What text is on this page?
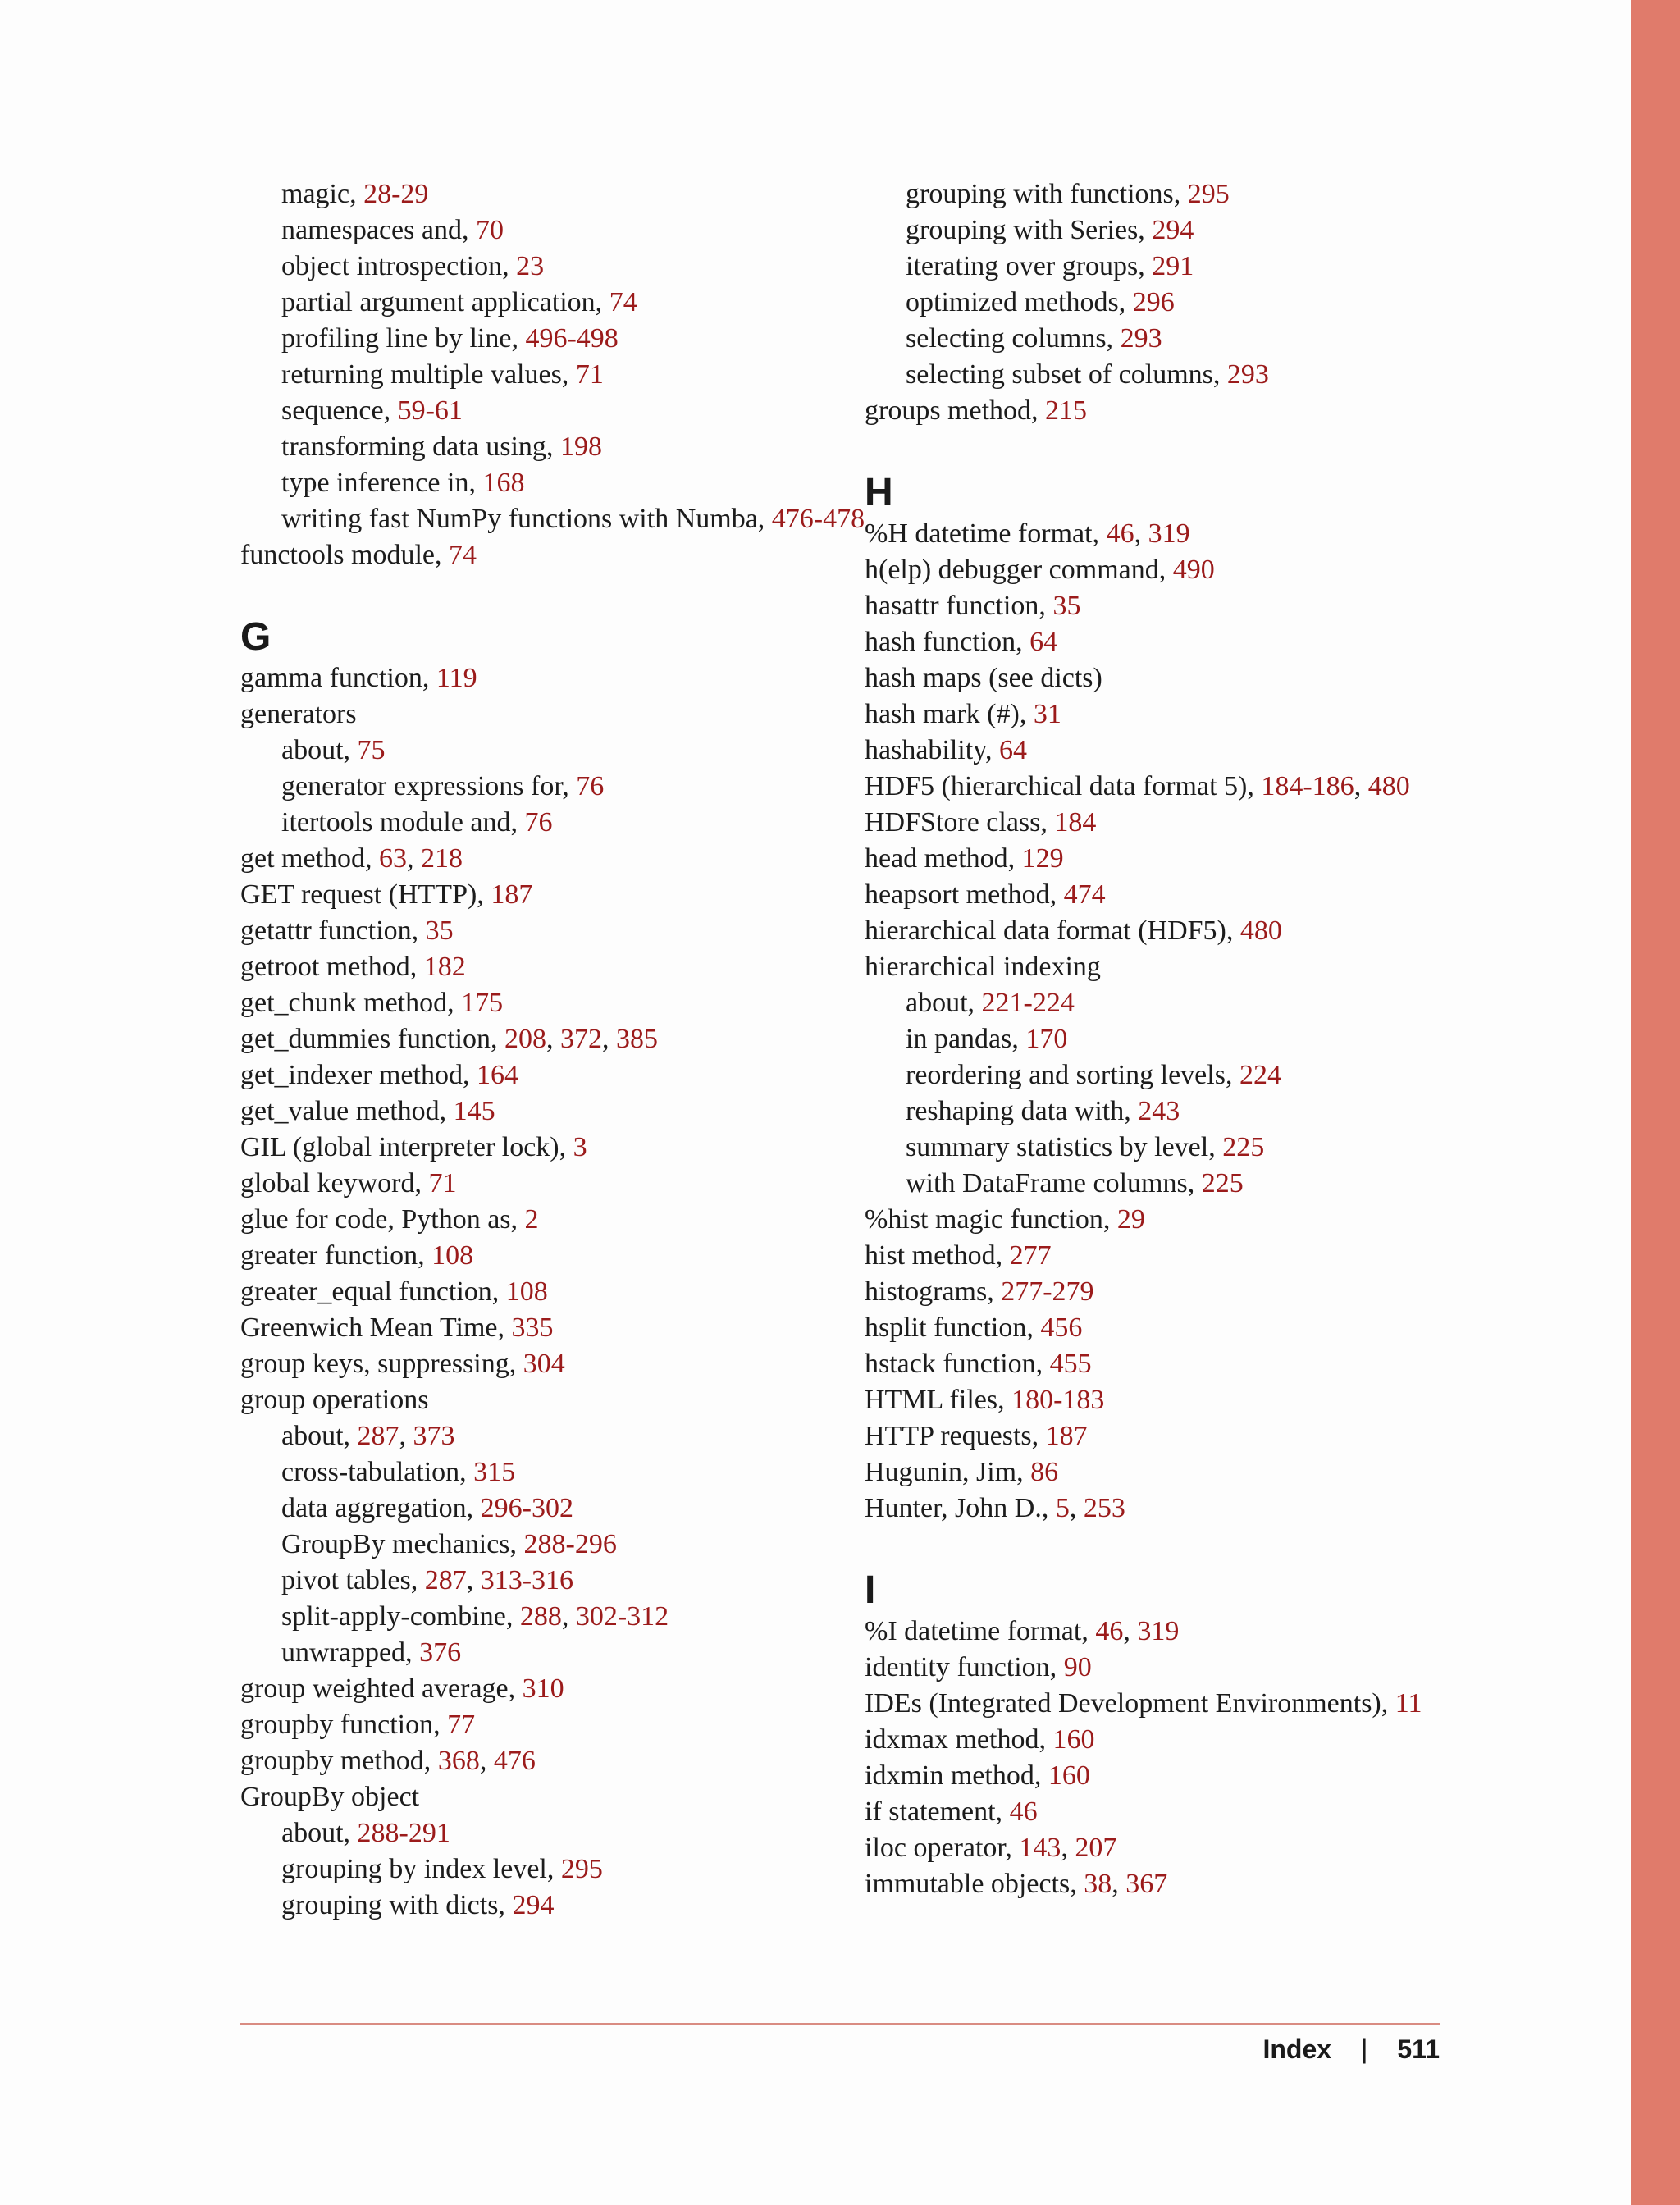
magic, 28-29

namespaces and, 70

object introspection, 23

partial argument application, 74

profiling line by line, 496-498

returning multiple values, 71

sequence, 59-61

transforming data using, 198

type inference in, 168

writing fast NumPy functions with Numba, 476-478

functools module, 74

G

gamma function, 119

generators

about, 75

generator expressions for, 76

itertools module and, 76

get method, 63, 218

GET request (HTTP), 187

getattr function, 35

getroot method, 182

get_chunk method, 175

get_dummies function, 208, 372, 385

get_indexer method, 164

get_value method, 145

GIL (global interpreter lock), 3

global keyword, 71

glue for code, Python as, 2

greater function, 108

greater_equal function, 108

Greenwich Mean Time, 335

group keys, suppressing, 304

group operations

about, 287, 373

cross-tabulation, 315

data aggregation, 296-302

GroupBy mechanics, 288-296

pivot tables, 287, 313-316

split-apply-combine, 288, 302-312

unwrapped, 376

group weighted average, 310

groupby function, 77

groupby method, 368, 476

GroupBy object

about, 288-291

grouping by index level, 295

grouping with dicts, 294

grouping with functions, 295

grouping with Series, 294

iterating over groups, 291

optimized methods, 296

selecting columns, 293

selecting subset of columns, 293

groups method, 215

H

%H datetime format, 46, 319

h(elp) debugger command, 490

hasattr function, 35

hash function, 64

hash maps (see dicts)

hash mark (#), 31

hashability, 64

HDF5 (hierarchical data format 5), 184-186, 480

HDFStore class, 184

head method, 129

heapsort method, 474

hierarchical data format (HDF5), 480

hierarchical indexing

about, 221-224

in pandas, 170

reordering and sorting levels, 224

reshaping data with, 243

summary statistics by level, 225

with DataFrame columns, 225

%hist magic function, 29

hist method, 277

histograms, 277-279

hsplit function, 456

hstack function, 455

HTML files, 180-183

HTTP requests, 187

Hugunin, Jim, 86

Hunter, John D., 5, 253

I

%I datetime format, 46, 319

identity function, 90

IDEs (Integrated Development Environments), 11

idxmax method, 160

idxmin method, 160

if statement, 46

iloc operator, 143, 207

immutable objects, 38, 367

Index | 511
